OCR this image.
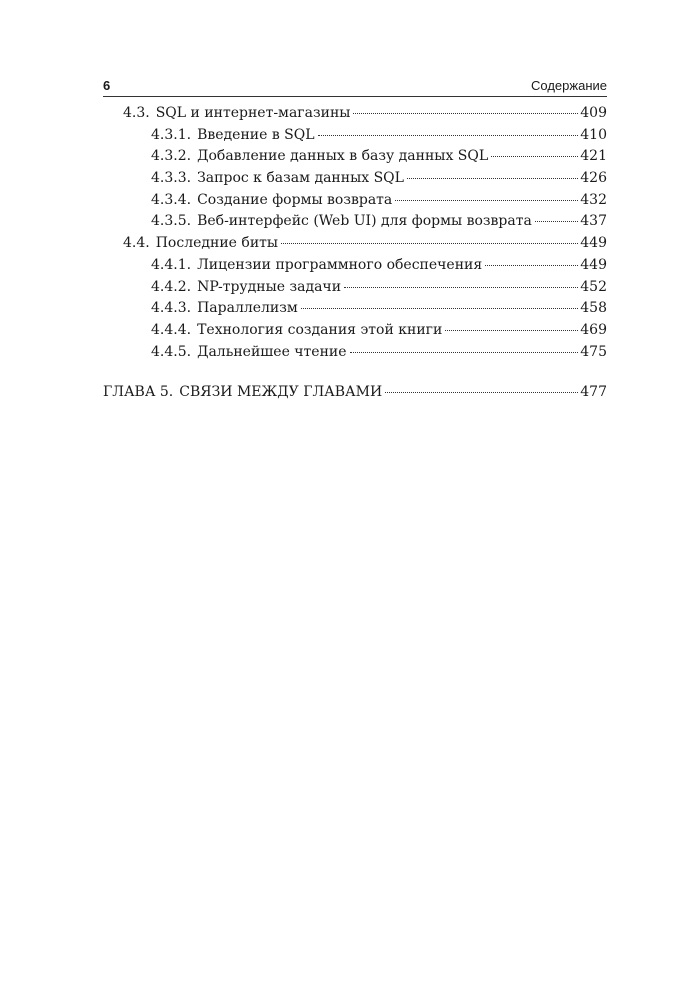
6	Содержание
4.3. SQL и интернет-магазины	409
4.3.1. Введение в SQL	410
4.3.2. Добавление данных в базу данных SQL	421
4.3.3. Запрос к базам данных SQL	426
4.3.4. Создание формы возврата	432
4.3.5. Веб-интерфейс (Web UI) для формы возврата	437
4.4. Последние биты	449
4.4.1. Лицензии программного обеспечения	449
4.4.2. NP-трудные задачи	452
4.4.3. Параллелизм	458
4.4.4. Технология создания этой книги	469
4.4.5. Дальнейшее чтение	475
ГЛАВА 5. СВЯЗИ МЕЖДУ ГЛАВАМИ	477
